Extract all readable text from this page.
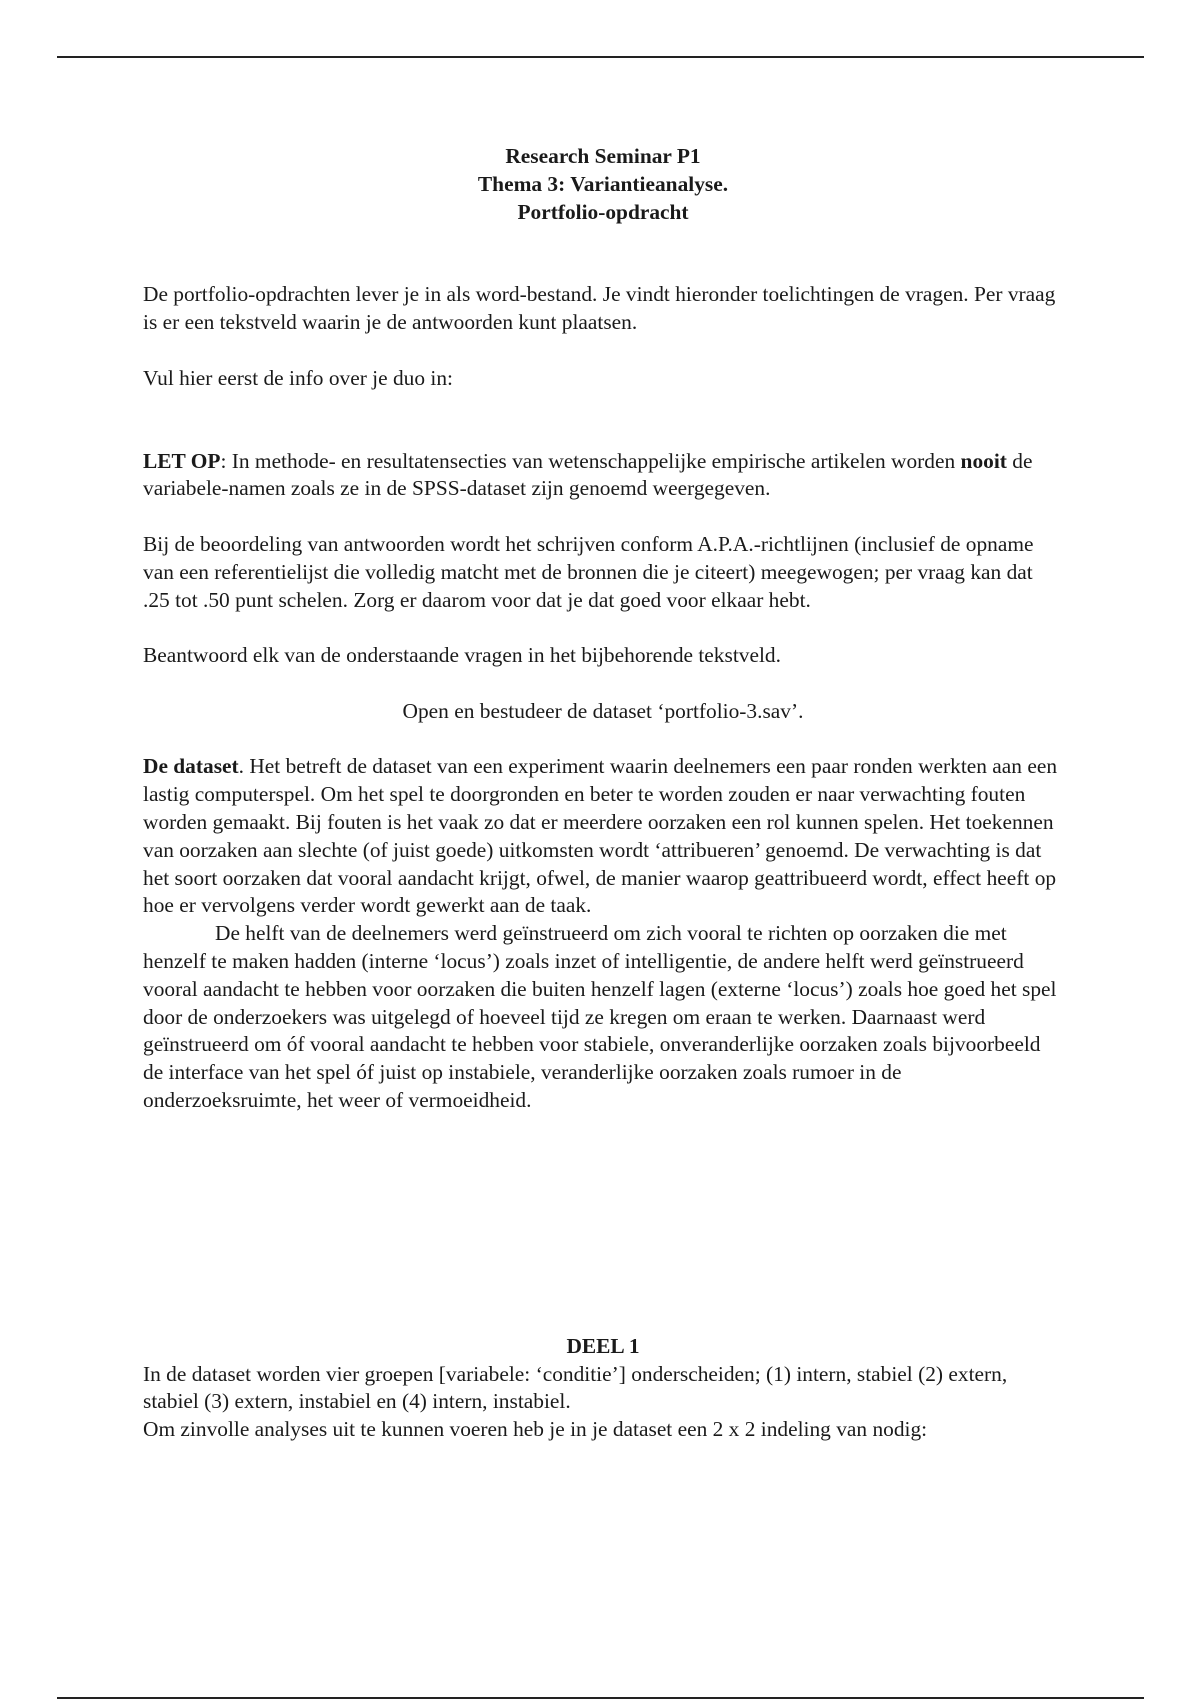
Research Seminar P1
Thema 3: Variantieanalyse.
Portfolio-opdracht

De portfolio-opdrachten lever je in als word-bestand. Je vindt hieronder toelichtingen de vragen. Per vraag is er een tekstveld waarin je de antwoorden kunt plaatsen.

Vul hier eerst de info over je duo in:

LET OP: In methode- en resultatensecties van wetenschappelijke empirische artikelen worden nooit de variabele-namen zoals ze in de SPSS-dataset zijn genoemd weergegeven.

Bij de beoordeling van antwoorden wordt het schrijven conform A.P.A.-richtlijnen (inclusief de opname van een referentielijst die volledig matcht met de bronnen die je citeert) meegewogen; per vraag kan dat .25 tot .50 punt schelen. Zorg er daarom voor dat je dat goed voor elkaar hebt.

Beantwoord elk van de onderstaande vragen in het bijbehorende tekstveld.

Open en bestudeer de dataset ‘portfolio-3.sav’.

De dataset. Het betreft de dataset van een experiment waarin deelnemers een paar ronden werkten aan een lastig computerspel. Om het spel te doorgronden en beter te worden zouden er naar verwachting fouten worden gemaakt. Bij fouten is het vaak zo dat er meerdere oorzaken een rol kunnen spelen. Het toekennen van oorzaken aan slechte (of juist goede) uitkomsten wordt ‘attribueren’ genoemd. De verwachting is dat het soort oorzaken dat vooral aandacht krijgt, ofwel, de manier waarop geattribueerd wordt, effect heeft op hoe er vervolgens verder wordt gewerkt aan de taak.

De helft van de deelnemers werd geïnstrueerd om zich vooral te richten op oorzaken die met henzelf te maken hadden (interne ‘locus’) zoals inzet of intelligentie, de andere helft werd geïnstrueerd vooral aandacht te hebben voor oorzaken die buiten henzelf lagen (externe ‘locus’) zoals hoe goed het spel door de onderzoekers was uitgelegd of hoeveel tijd ze kregen om eraan te werken. Daarnaast werd geïnstrueerd om óf vooral aandacht te hebben voor stabiele, onveranderlijke oorzaken zoals bijvoorbeeld de interface van het spel óf juist op instabiele, veranderlijke oorzaken zoals rumoer in de onderzoeksruimte, het weer of vermoeidheid.

DEEL 1

In de dataset worden vier groepen [variabele: ‘conditie’] onderscheiden; (1) intern, stabiel (2) extern, stabiel (3) extern, instabiel en (4) intern, instabiel.

Om zinvolle analyses uit te kunnen voeren heb je in je dataset een 2 x 2 indeling van nodig:
